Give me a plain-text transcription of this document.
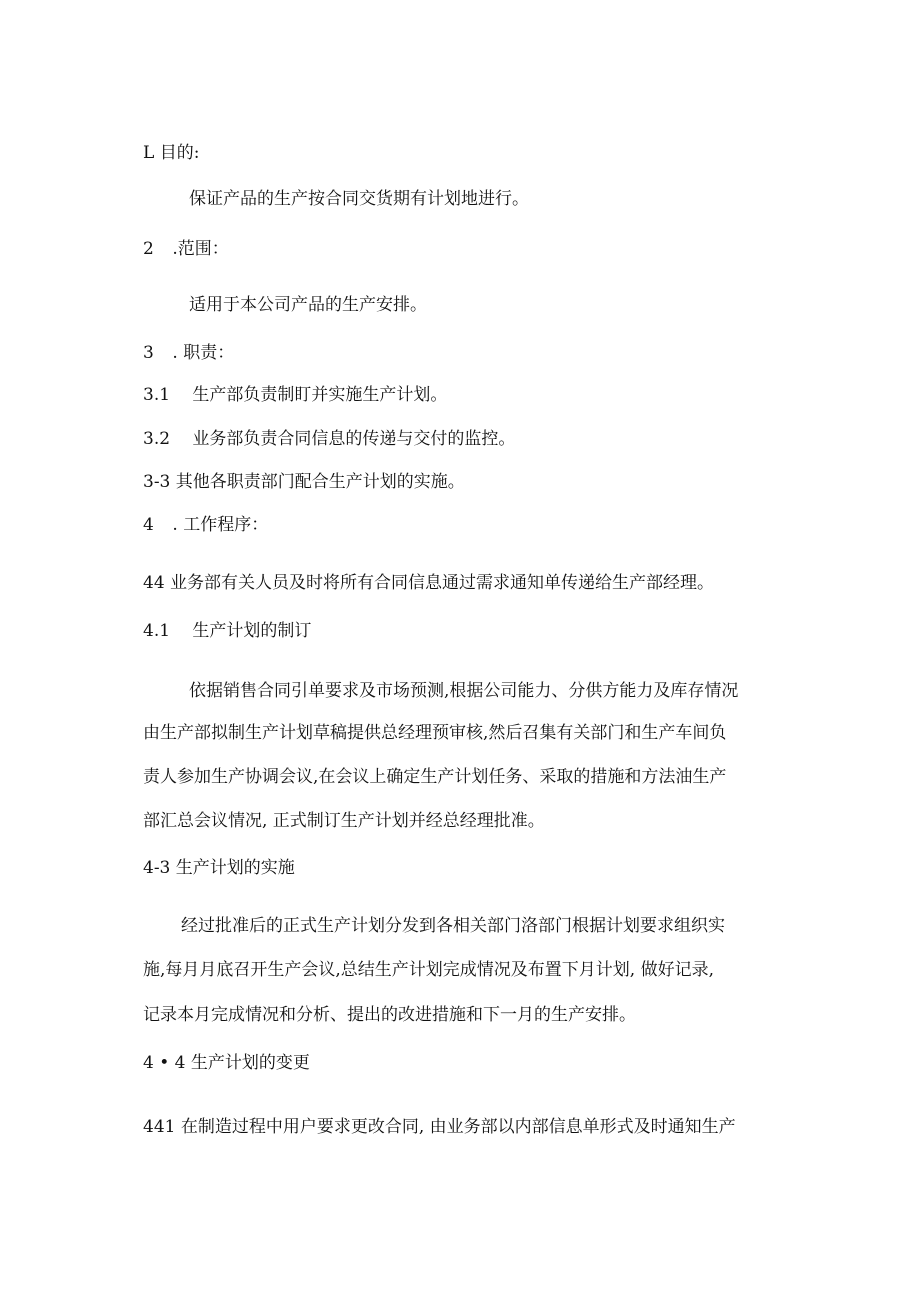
L 目的:
保证产品的生产按合同交货期有计划地进行。
2 .范围：
适用于本公司产品的生产安排。
3 . 职责：
3.1 生产部负责制盯并实施生产计划。
3.2 业务部负责合同信息的传递与交付的监控。
3-3 其他各职责部门配合生产计划的实施。
4 . 工作程序：
44 业务部有关人员及时将所有合同信息通过需求通知单传递给生产部经理。
4.1 生产计划的制订
依据销售合同引单要求及市场预测,根据公司能力、分供方能力及库存情况
由生产部拟制生产计划草稿提供总经理预审核,然后召集有关部门和生产车间负
责人参加生产协调会议,在会议上确定生产计划任务、采取的措施和方法油生产
部汇总会议情况, 正式制订生产计划并经总经理批准。
4-3 生产计划的实施
经过批准后的正式生产计划分发到各相关部门洛部门根据计划要求组织实
施,每月月底召开生产会议,总结生产计划完成情况及布置下月计划, 做好记录,
记录本月完成情况和分析、提出的改进措施和下一月的生产安排。
4 • 4 生产计划的变更
441 在制造过程中用户要求更改合同, 由业务部以内部信息单形式及时通知生产
